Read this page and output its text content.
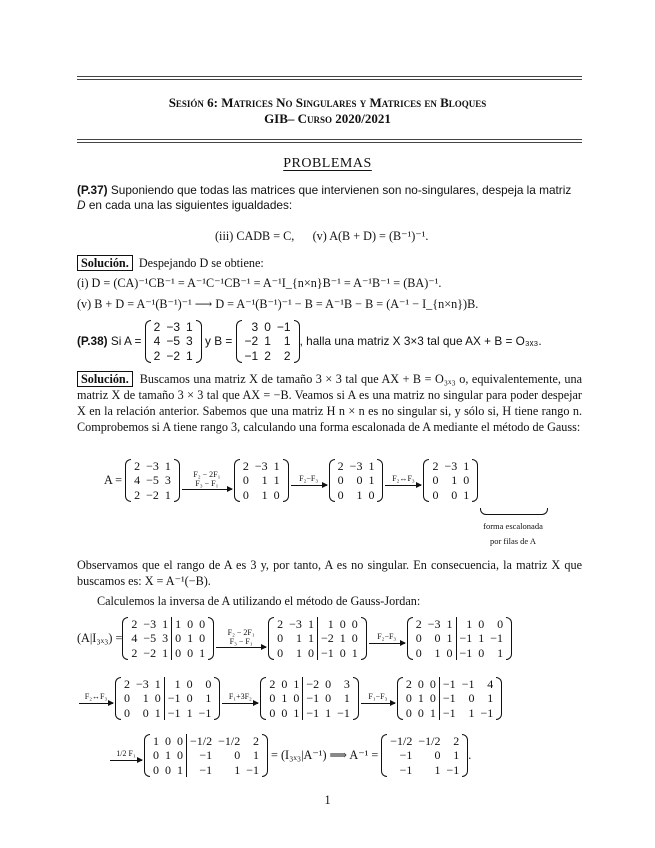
Sesión 6: Matrices No Singulares y Matrices en Bloques
GIB– Curso 2020/2021
PROBLEMAS
(P.37) Suponiendo que todas las matrices que intervienen son no-singulares, despeja la matriz
D en cada una las siguientes igualdades:
(iii) CADB = C, (v) A(B + D) = (B⁻¹)⁻¹.
Solución. Despejando D se obtiene:
(i) D = (CA)⁻¹CB⁻¹ = A⁻¹C⁻¹CB⁻¹ = A⁻¹I_{n×n}B⁻¹ = A⁻¹B⁻¹ = (BA)⁻¹.
(v) B + D = A⁻¹(B⁻¹)⁻¹ ⟶ D = A⁻¹(B⁻¹)⁻¹ − B = A⁻¹B − B = (A⁻¹ − I_{n×n})B.
(P.38)
Si A =

2	−3	1
4	−5	3
2	−2	1

y B =

3	0	−1
−2	1	1
−1	2	2
, halla una matriz X 3×3 tal que AX + B = O₃ₓ₃.
Solución. Buscamos una matriz X de tamaño 3 × 3 tal que AX + B = O₃ₓ₃ o, equivalentemente, una matriz X de tamaño 3 × 3 tal que AX = −B. Veamos si A es una matriz no singular para poder despejar X en la relación anterior. Sabemos que una matriz H n × n es no singular si, y sólo si, H tiene rango n. Comprobemos si A tiene rango 3, calculando una forma escalonada de A mediante el método de Gauss:
A =

2	−3	1
4	−5	3
2	−2	1
F₂ − 2F₁
F₃ − F₁
2	−3	1
0	1	1
0	1	0
F₂−F₃
2	−3	1
0	0	1
0	1	0
F₂↔F₃
2	−3	1
0	1	0
0	0	1
forma escalonada
por filas de A
Observamos que el rango de A es 3 y, por tanto, A es no singular. En consecuencia, la matriz X que buscamos es: X = A⁻¹(−B).
Calculemos la inversa de A utilizando el método de Gauss-Jordan:
(A|I₃ₓ₃) =
2	−3	1	1	0	0
4	−5	3	0	1	0
2	−2	1	0	0	1
F₂ − 2F₁
F₃ − F₁
2	−3	1	1	0	0
0	1	1	−2	1	0
0	1	0	−1	0	1
F₂−F₃
2	−3	1	1	0	0
0	0	1	−1	1	−1
0	1	0	−1	0	1
F₂↔F₃
2	−3	1	1	0	0
0	1	0	−1	0	1
0	0	1	−1	1	−1
F₁+3F₂
2	0	1	−2	0	3
0	1	0	−1	0	1
0	0	1	−1	1	−1
F₁−F₃
2	0	0	−1	−1	4
0	1	0	−1	0	1
0	0	1	−1	1	−1
1/2 F₁
1	0	0	−1/2	−1/2	2
0	1	0	−1	0	1
0	0	1	−1	1	−1

= (I₃ₓ₃|A⁻¹) ⟹ A⁻¹ =

−1/2	−1/2	2
−1	0	1
−1	1	−1
.
1
